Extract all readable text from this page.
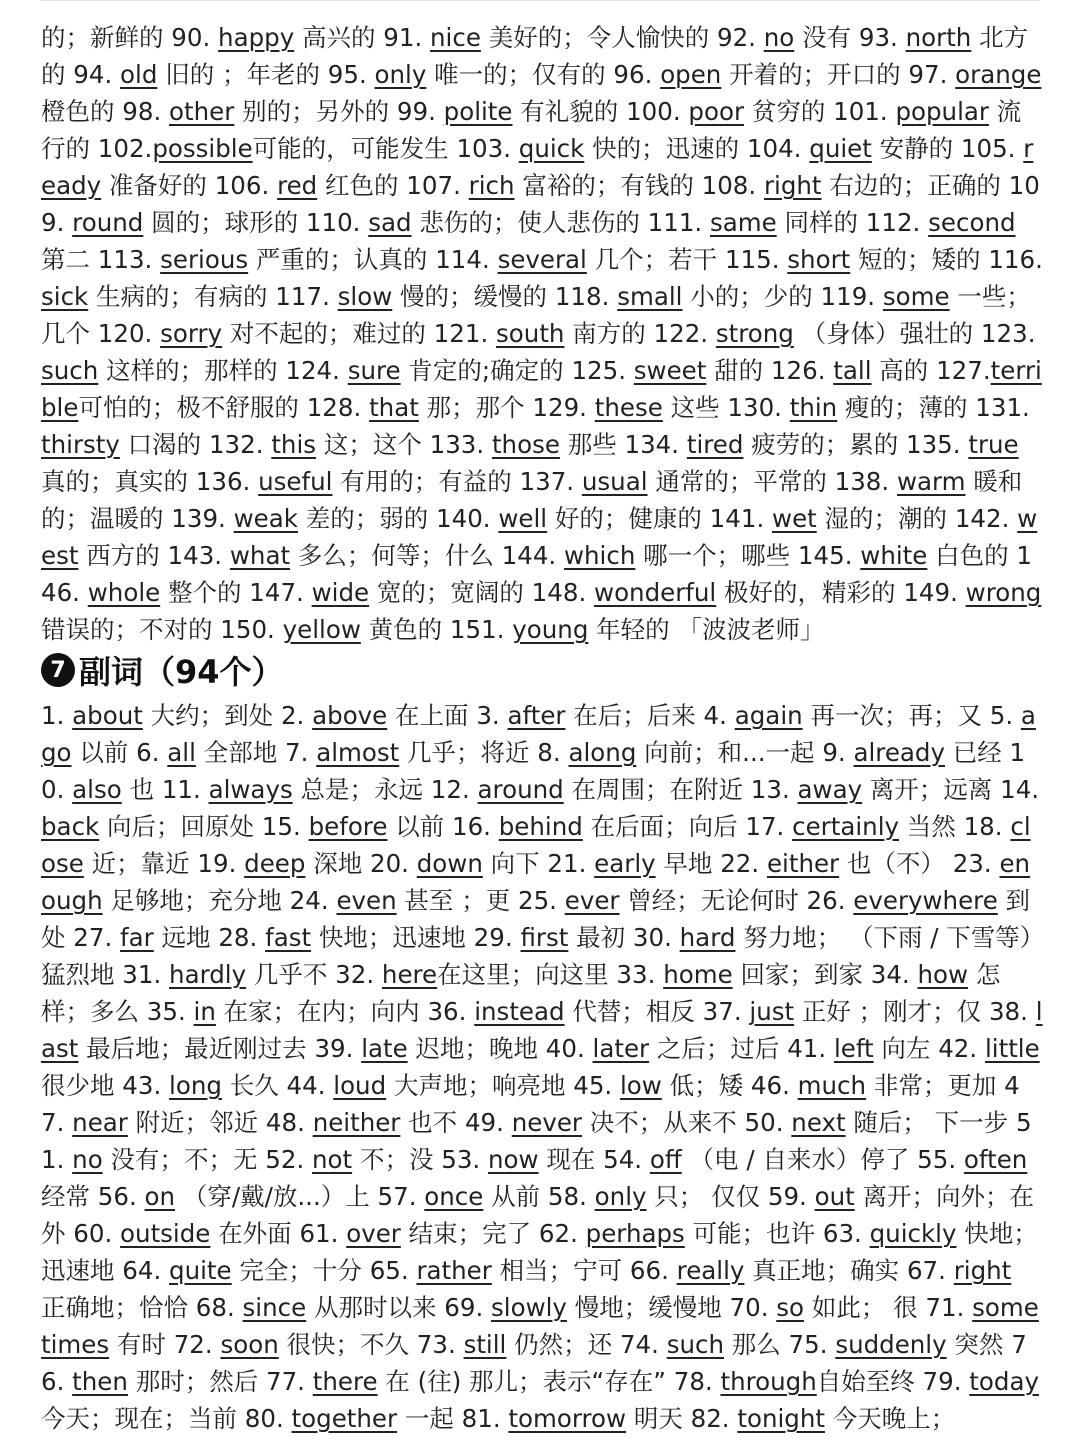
的；新鲜的 90. happy 高兴的 91. nice 美好的；令人愉快的 92. no 没有 93. north 北方的 94. old 旧的 ；年老的 95. only 唯一的；仅有的 96. open 开着的；开口的 97. orange 橙色的 98. other 别的；另外的 99. polite 有礼貌的 100. poor 贫穷的 101. popular 流行的 102.possible可能的，可能发生 103. quick 快的；迅速的 104. quiet 安静的 105. ready 准备好的 106. red 红色的 107. rich 富裕的；有钱的 108. right 右边的；正确的 109. round 圆的；球形的 110. sad 悲伤的；使人悲伤的 111. same 同样的 112. second 第二 113. serious 严重的；认真的 114. several 几个；若干 115. short 短的；矮的 116. sick 生病的；有病的 117. slow 慢的；缓慢的 118. small 小的；少的 119. some 一些；几个 120. sorry 对不起的；难过的 121. south 南方的 122. strong （身体）强壮的 123. such 这样的；那样的 124. sure 肯定的;确定的 125. sweet 甜的 126. tall 高的 127.terrible可怕的；极不舒服的 128. that 那；那个 129. these 这些 130. thin 瘦的；薄的 131. thirsty 口渴的 132. this 这；这个 133. those 那些 134. tired 疲劳的；累的 135. true 真的；真实的 136. useful 有用的；有益的 137. usual 通常的；平常的 138. warm 暖和的；温暖的 139. weak 差的；弱的 140. well 好的；健康的 141. wet 湿的；潮的 142. west 西方的 143. what 多么；何等；什么 144. which 哪一个；哪些 145. white 白色的 146. whole 整个的 147. wide 宽的；宽阔的 148. wonderful 极好的，精彩的 149. wrong 错误的；不对的 150. yellow 黄色的 151. young 年轻的 「波波老师」
7 副词（94个）
1. about 大约；到处 2. above 在上面 3. after 在后；后来 4. again 再一次；再；又 5. ago 以前 6. all 全部地 7. almost 几乎；将近 8. along 向前；和...一起 9. already 已经 10. also 也 11. always 总是；永远 12. around 在周围；在附近 13. away 离开；远离 14. back 向后；回原处 15. before 以前 16. behind 在后面；向后 17. certainly 当然 18. close 近；靠近 19. deep 深地 20. down 向下 21. early 早地 22. either 也（不） 23. enough 足够地；充分地 24. even 甚至 ；更 25. ever 曾经；无论何时 26. everywhere 到处 27. far 远地 28. fast 快地；迅速地 29. first 最初 30. hard 努力地； （下雨 / 下雪等）猛烈地 31. hardly 几乎不 32. here在这里；向这里 33. home 回家；到家 34. how 怎样；多么 35. in 在家；在内；向内 36. instead 代替；相反 37. just 正好 ；刚才；仅 38. last 最后地；最近刚过去 39. late 迟地；晚地 40. later 之后；过后 41. left 向左 42. little 很少地 43. long 长久 44. loud 大声地；响亮地 45. low 低；矮 46. much 非常；更加 47. near 附近；邻近 48. neither 也不 49. never 决不；从来不 50. next 随后； 下一步 51. no 没有；不；无 52. not 不；没 53. now 现在 54. off （电 / 自来水）停了 55. often 经常 56. on （穿/戴/放...）上 57. once 从前 58. only 只； 仅仅 59. out 离开；向外；在外 60. outside 在外面 61. over 结束；完了 62. perhaps 可能；也许 63. quickly 快地；迅速地 64. quite 完全；十分 65. rather 相当；宁可 66. really 真正地；确实 67. right 正确地；恰恰 68. since 从那时以来 69. slowly 慢地；缓慢地 70. so 如此； 很 71. sometimes 有时 72. soon 很快；不久 73. still 仍然；还 74. such 那么 75. suddenly 突然 76. then 那时；然后 77. there 在 (往) 那儿；表示“存在” 78. through自始至终 79. today 今天；现在；当前 80. together 一起 81. tomorrow 明天 82. tonight 今天晚上；
